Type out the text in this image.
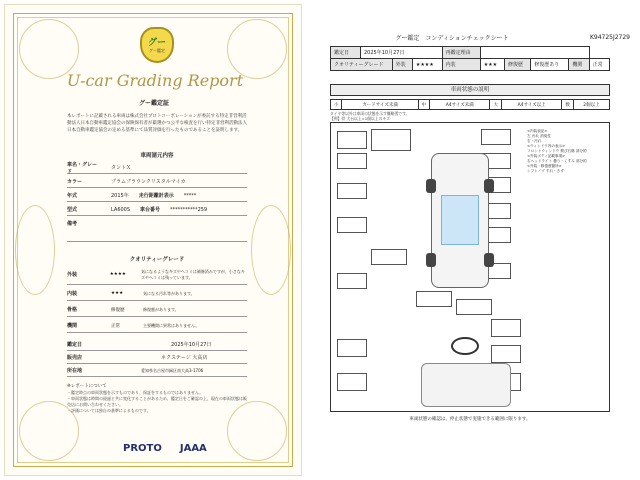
グー
グー鑑定
U-car Grading Report
グー鑑定証
本レポートに記載される車両は株式会社プロトコーポレーションが委託する特定非営利活動法人日本自動車鑑定協会の保険保有者が厳選かつ公平な検査を行い特定非営利活動法人日本自動車鑑定協会の定める基準にて品質評価を行ったものであることを証明します。
車両諸元内容
車名・グレード
タントＸ
カラー	ブラムブラウンクリスタルマイカ
年式	2015年 走行距離計表示 *****
型式	LA600S 車台番号 ***********259
備考
クオリティーグレード
外装	★★★★
気になるようなキズやヘコミは補修済みですが、小さなキズやヘコミは残っています。
内装	★★★	気になる汚れ等があります。
骨格	修復歴	修復歴があります。
機関	正常	主要機関に異常はありません。
鑑定日	2025年10月27日
販売店	ネクステージ 大高店
所在地	愛知県名古屋市緑区南大高3-1706
※レポートについて
・鑑定時点の車両状態を示すものであり、保証をするものではありません。
・車両状態は時間の経過と共に変化することがあるため、鑑定日をご確認の上、現在の車両状態は販売店にお問い合わせください。
・評価については独自の基準によるものです。
PROTO JAAA
グー鑑定　コンディションチェックシート	K94725J2729
鑑定日	2025年10月27日			再鑑定理由					
クオリティーグレード		外装	★★★★	内装	★★★	修復歴	修復歴あり	機関	正常
車両状態の説明
小	カードサイズ未満	中	A4サイズ未満	大	A4サイズ以上	数	2個以上
タイヤ等以外は車両の状態を示す概略図です。
【例】骨 大台以上=1個以上のキズ
<内装表記>
左 汚れ 消臭性
右・汚れ
<ウィンドウ内の表示>
フロントウィンドウ 飛び石傷 部分的
<外装ボディ記載事項>
右ヘッドライト 曇り・くすみ 部分的
<外装・修復歴箇所>
シフトノブ すれ・きず
車両状態の確認は、停止状態で実施できる範囲に限ります。
